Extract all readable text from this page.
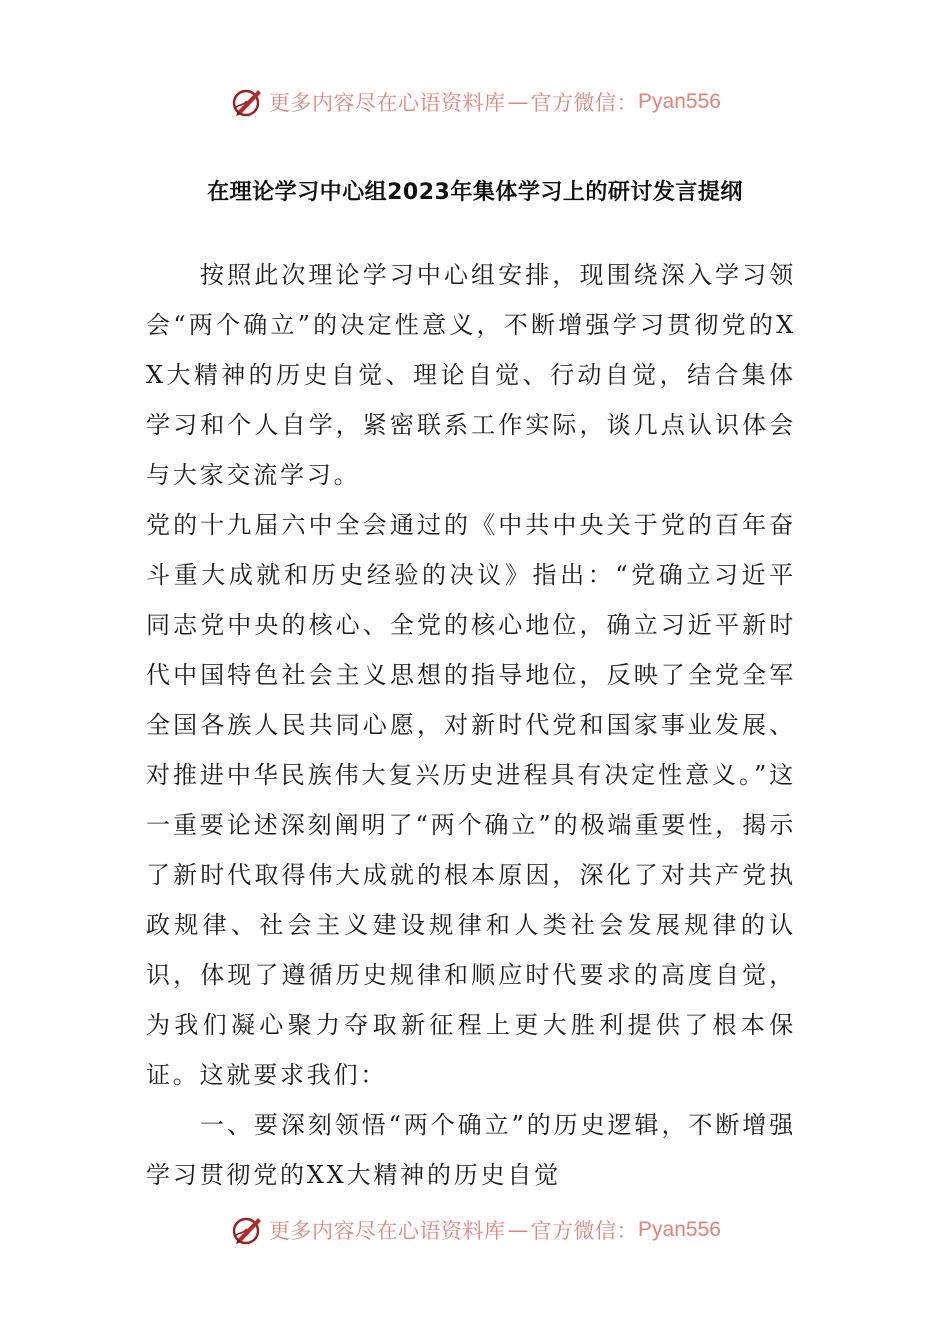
更多内容尽在心语资料库 — 官方微信： Pyan556
在理论学习中心组2023年集体学习上的研讨发言提纲

按照此次理论学习中心组安排，现围绕深入学习领会“两个确立”的决定性意义，不断增强学习贯彻党的XX大精神的历史自觉、理论自觉、行动自觉，结合集体学习和个人自学，紧密联系工作实际，谈几点认识体会与大家交流学习。

党的十九届六中全会通过的《中共中央关于党的百年奋斗重大成就和历史经验的决议》指出：“党确立习近平同志党中央的核心、全党的核心地位，确立习近平新时代中国特色社会主义思想的指导地位，反映了全党全军全国各族人民共同心愿，对新时代党和国家事业发展、对推进中华民族伟大复兴历史进程具有决定性意义。”这一重要论述深刻阐明了“两个确立”的极端重要性，揭示了新时代取得伟大成就的根本原因，深化了对共产党执政规律、社会主义建设规律和人类社会发展规律的认识，体现了遵循历史规律和顺应时代要求的高度自觉，为我们凝心聚力夺取新征程上更大胜利提供了根本保证。这就要求我们：

一、要深刻领悟“两个确立”的历史逻辑，不断增强学习贯彻党的XX大精神的历史自觉

更多内容尽在心语资料库 — 官方微信： Pyan556
